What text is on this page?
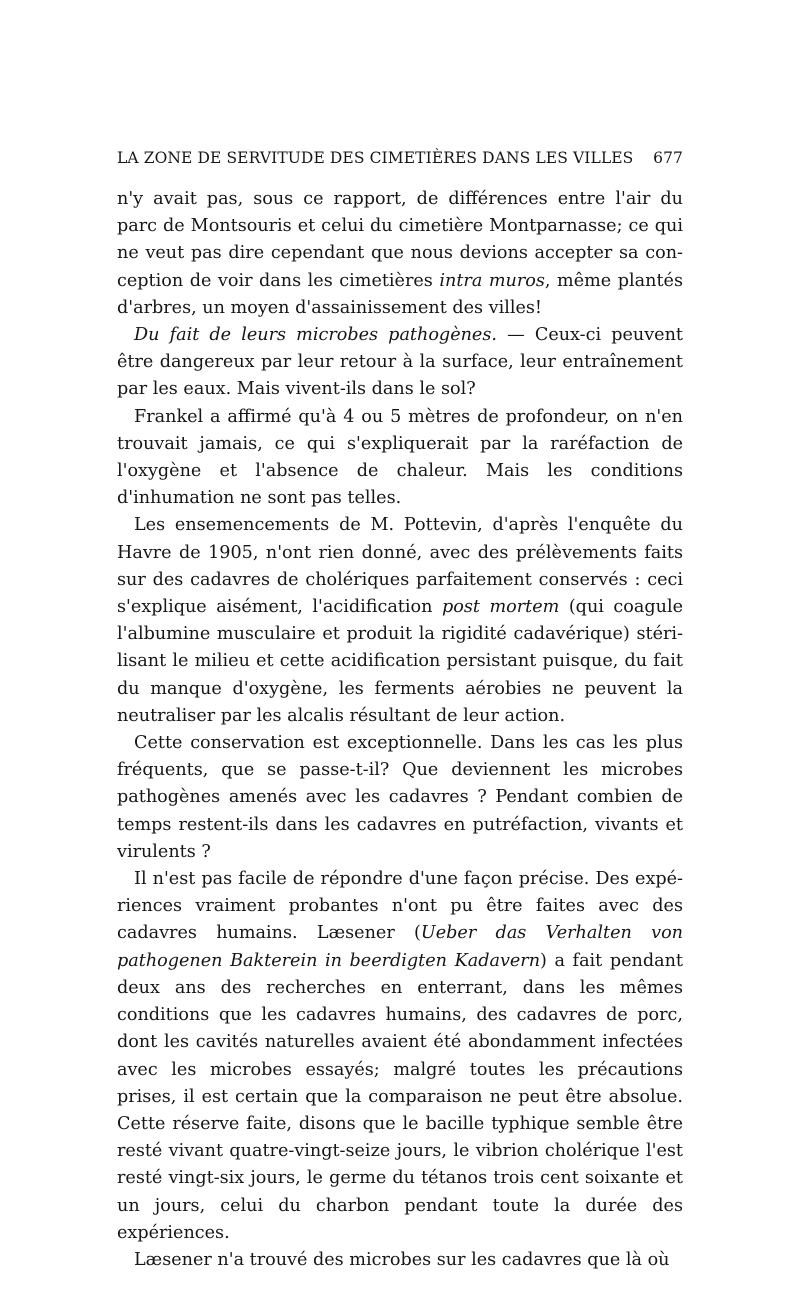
LA ZONE DE SERVITUDE DES CIMETIÈRES DANS LES VILLES 677

n'y avait pas, sous ce rapport, de différences entre l'air du parc de Montsouris et celui du cimetière Montparnasse; ce qui ne veut pas dire cependant que nous devions accepter sa conception de voir dans les cimetières intra muros, même plantés d'arbres, un moyen d'assainissement des villes!

Du fait de leurs microbes pathogènes. — Ceux-ci peuvent être dangereux par leur retour à la surface, leur entraînement par les eaux. Mais vivent-ils dans le sol?

Frankel a affirmé qu'à 4 ou 5 mètres de profondeur, on n'en trouvait jamais, ce qui s'expliquerait par la raréfaction de l'oxygène et l'absence de chaleur. Mais les conditions d'inhumation ne sont pas telles.

Les ensemencements de M. Pottevin, d'après l'enquête du Havre de 1905, n'ont rien donné, avec des prélèvements faits sur des cadavres de cholériques parfaitement conservés : ceci s'explique aisément, l'acidification post mortem (qui coagule l'albumine musculaire et produit la rigidité cadavérique) stérilisant le milieu et cette acidification persistant puisque, du fait du manque d'oxygène, les ferments aérobies ne peuvent la neutraliser par les alcalis résultant de leur action.

Cette conservation est exceptionnelle. Dans les cas les plus fréquents, que se passe-t-il? Que deviennent les microbes pathogènes amenés avec les cadavres ? Pendant combien de temps restent-ils dans les cadavres en putréfaction, vivants et virulents ?

Il n'est pas facile de répondre d'une façon précise. Des expériences vraiment probantes n'ont pu être faites avec des cadavres humains. Læsener (Ueber das Verhalten von pathogenen Bakterein in beerdigten Kadavern) a fait pendant deux ans des recherches en enterrant, dans les mêmes conditions que les cadavres humains, des cadavres de porc, dont les cavités naturelles avaient été abondamment infectées avec les microbes essayés; malgré toutes les précautions prises, il est certain que la comparaison ne peut être absolue. Cette réserve faite, disons que le bacille typhique semble être resté vivant quatre-vingt-seize jours, le vibrion cholérique l'est resté vingt-six jours, le germe du tétanos trois cent soixante et un jours, celui du charbon pendant toute la durée des expériences.

Læsener n'a trouvé des microbes sur les cadavres que là où
